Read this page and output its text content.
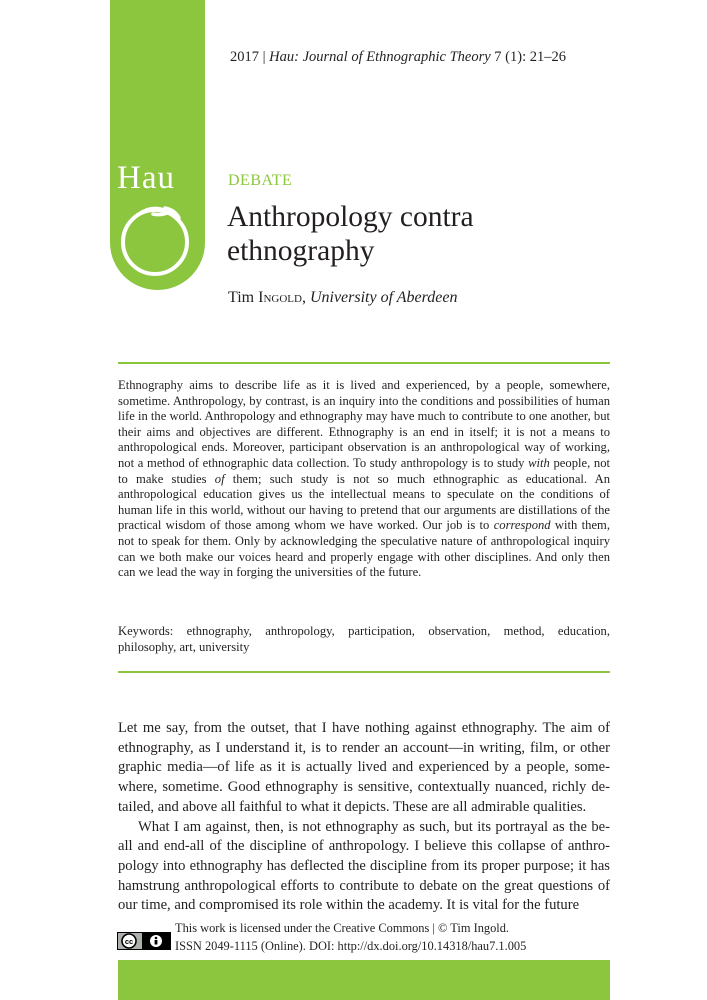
Hau
2017 | Hau: Journal of Ethnographic Theory 7 (1): 21–26
DEBATE
Anthropology contra ethnography
Tim Ingold, University of Aberdeen

Ethnography aims to describe life as it is lived and experienced, by a people, somewhere, sometime. Anthropology, by contrast, is an inquiry into the conditions and possibilities of human life in the world. Anthropology and ethnography may have much to contribute to one another, but their aims and objectives are different. Ethnography is an end in itself; it is not a means to anthropological ends. Moreover, participant observation is an anthropological way of working, not a method of ethnographic data collection. To study anthropology is to study with people, not to make studies of them; such study is not so much ethnographic as educational. An anthropological education gives us the intellectual means to speculate on the conditions of human life in this world, without our having to pretend that our arguments are distillations of the practical wisdom of those among whom we have worked. Our job is to correspond with them, not to speak for them. Only by acknowledging the speculative nature of anthropological inquiry can we both make our voices heard and properly engage with other disciplines. And only then can we lead the way in forging the universities of the future.

Keywords: ethnography, anthropology, participation, observation, method, education, philosophy, art, university

Let me say, from the outset, that I have nothing against ethnography. The aim of ethnography, as I understand it, is to render an account—in writing, film, or other graphic media—of life as it is actually lived and experienced by a people, somewhere, sometime. Good ethnography is sensitive, contextually nuanced, richly detailed, and above all faithful to what it depicts. These are all admirable qualities.

What I am against, then, is not ethnography as such, but its portrayal as the be-all and end-all of the discipline of anthropology. I believe this collapse of anthropology into ethnography has deflected the discipline from its proper purpose; it has hamstrung anthropological efforts to contribute to debate on the great questions of our time, and compromised its role within the academy. It is vital for the future

cc
This work is licensed under the Creative Commons | © Tim Ingold.
ISSN 2049-1115 (Online). DOI: http://dx.doi.org/10.14318/hau7.1.005
